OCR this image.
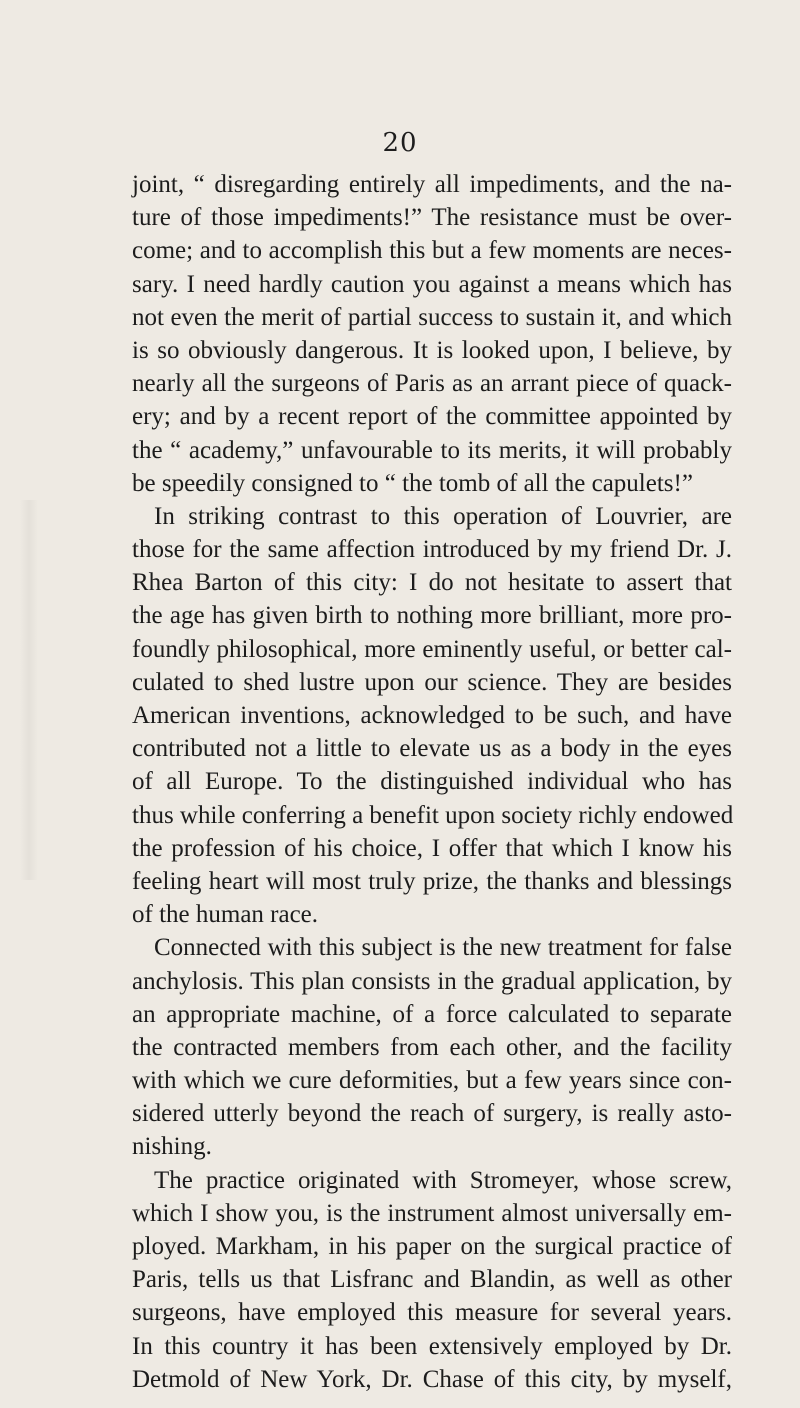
20
joint, “ disregarding entirely all impediments, and the na-
ture of those impediments!” The resistance must be over-
come; and to accomplish this but a few moments are neces-
sary. I need hardly caution you against a means which has
not even the merit of partial success to sustain it, and which
is so obviously dangerous. It is looked upon, I believe, by
nearly all the surgeons of Paris as an arrant piece of quack-
ery; and by a recent report of the committee appointed by
the “ academy,” unfavourable to its merits, it will probably
be speedily consigned to “ the tomb of all the capulets!”
In striking contrast to this operation of Louvrier, are
those for the same affection introduced by my friend Dr. J.
Rhea Barton of this city: I do not hesitate to assert that
the age has given birth to nothing more brilliant, more pro-
foundly philosophical, more eminently useful, or better cal-
culated to shed lustre upon our science. They are besides
American inventions, acknowledged to be such, and have
contributed not a little to elevate us as a body in the eyes
of all Europe. To the distinguished individual who has
thus while conferring a benefit upon society richly endowed
the profession of his choice, I offer that which I know his
feeling heart will most truly prize, the thanks and blessings
of the human race.
Connected with this subject is the new treatment for false
anchylosis. This plan consists in the gradual application, by
an appropriate machine, of a force calculated to separate
the contracted members from each other, and the facility
with which we cure deformities, but a few years since con-
sidered utterly beyond the reach of surgery, is really asto-
nishing.
The practice originated with Stromeyer, whose screw,
which I show you, is the instrument almost universally em-
ployed. Markham, in his paper on the surgical practice of
Paris, tells us that Lisfranc and Blandin, as well as other
surgeons, have employed this measure for several years.
In this country it has been extensively employed by Dr.
Detmold of New York, Dr. Chase of this city, by myself,
